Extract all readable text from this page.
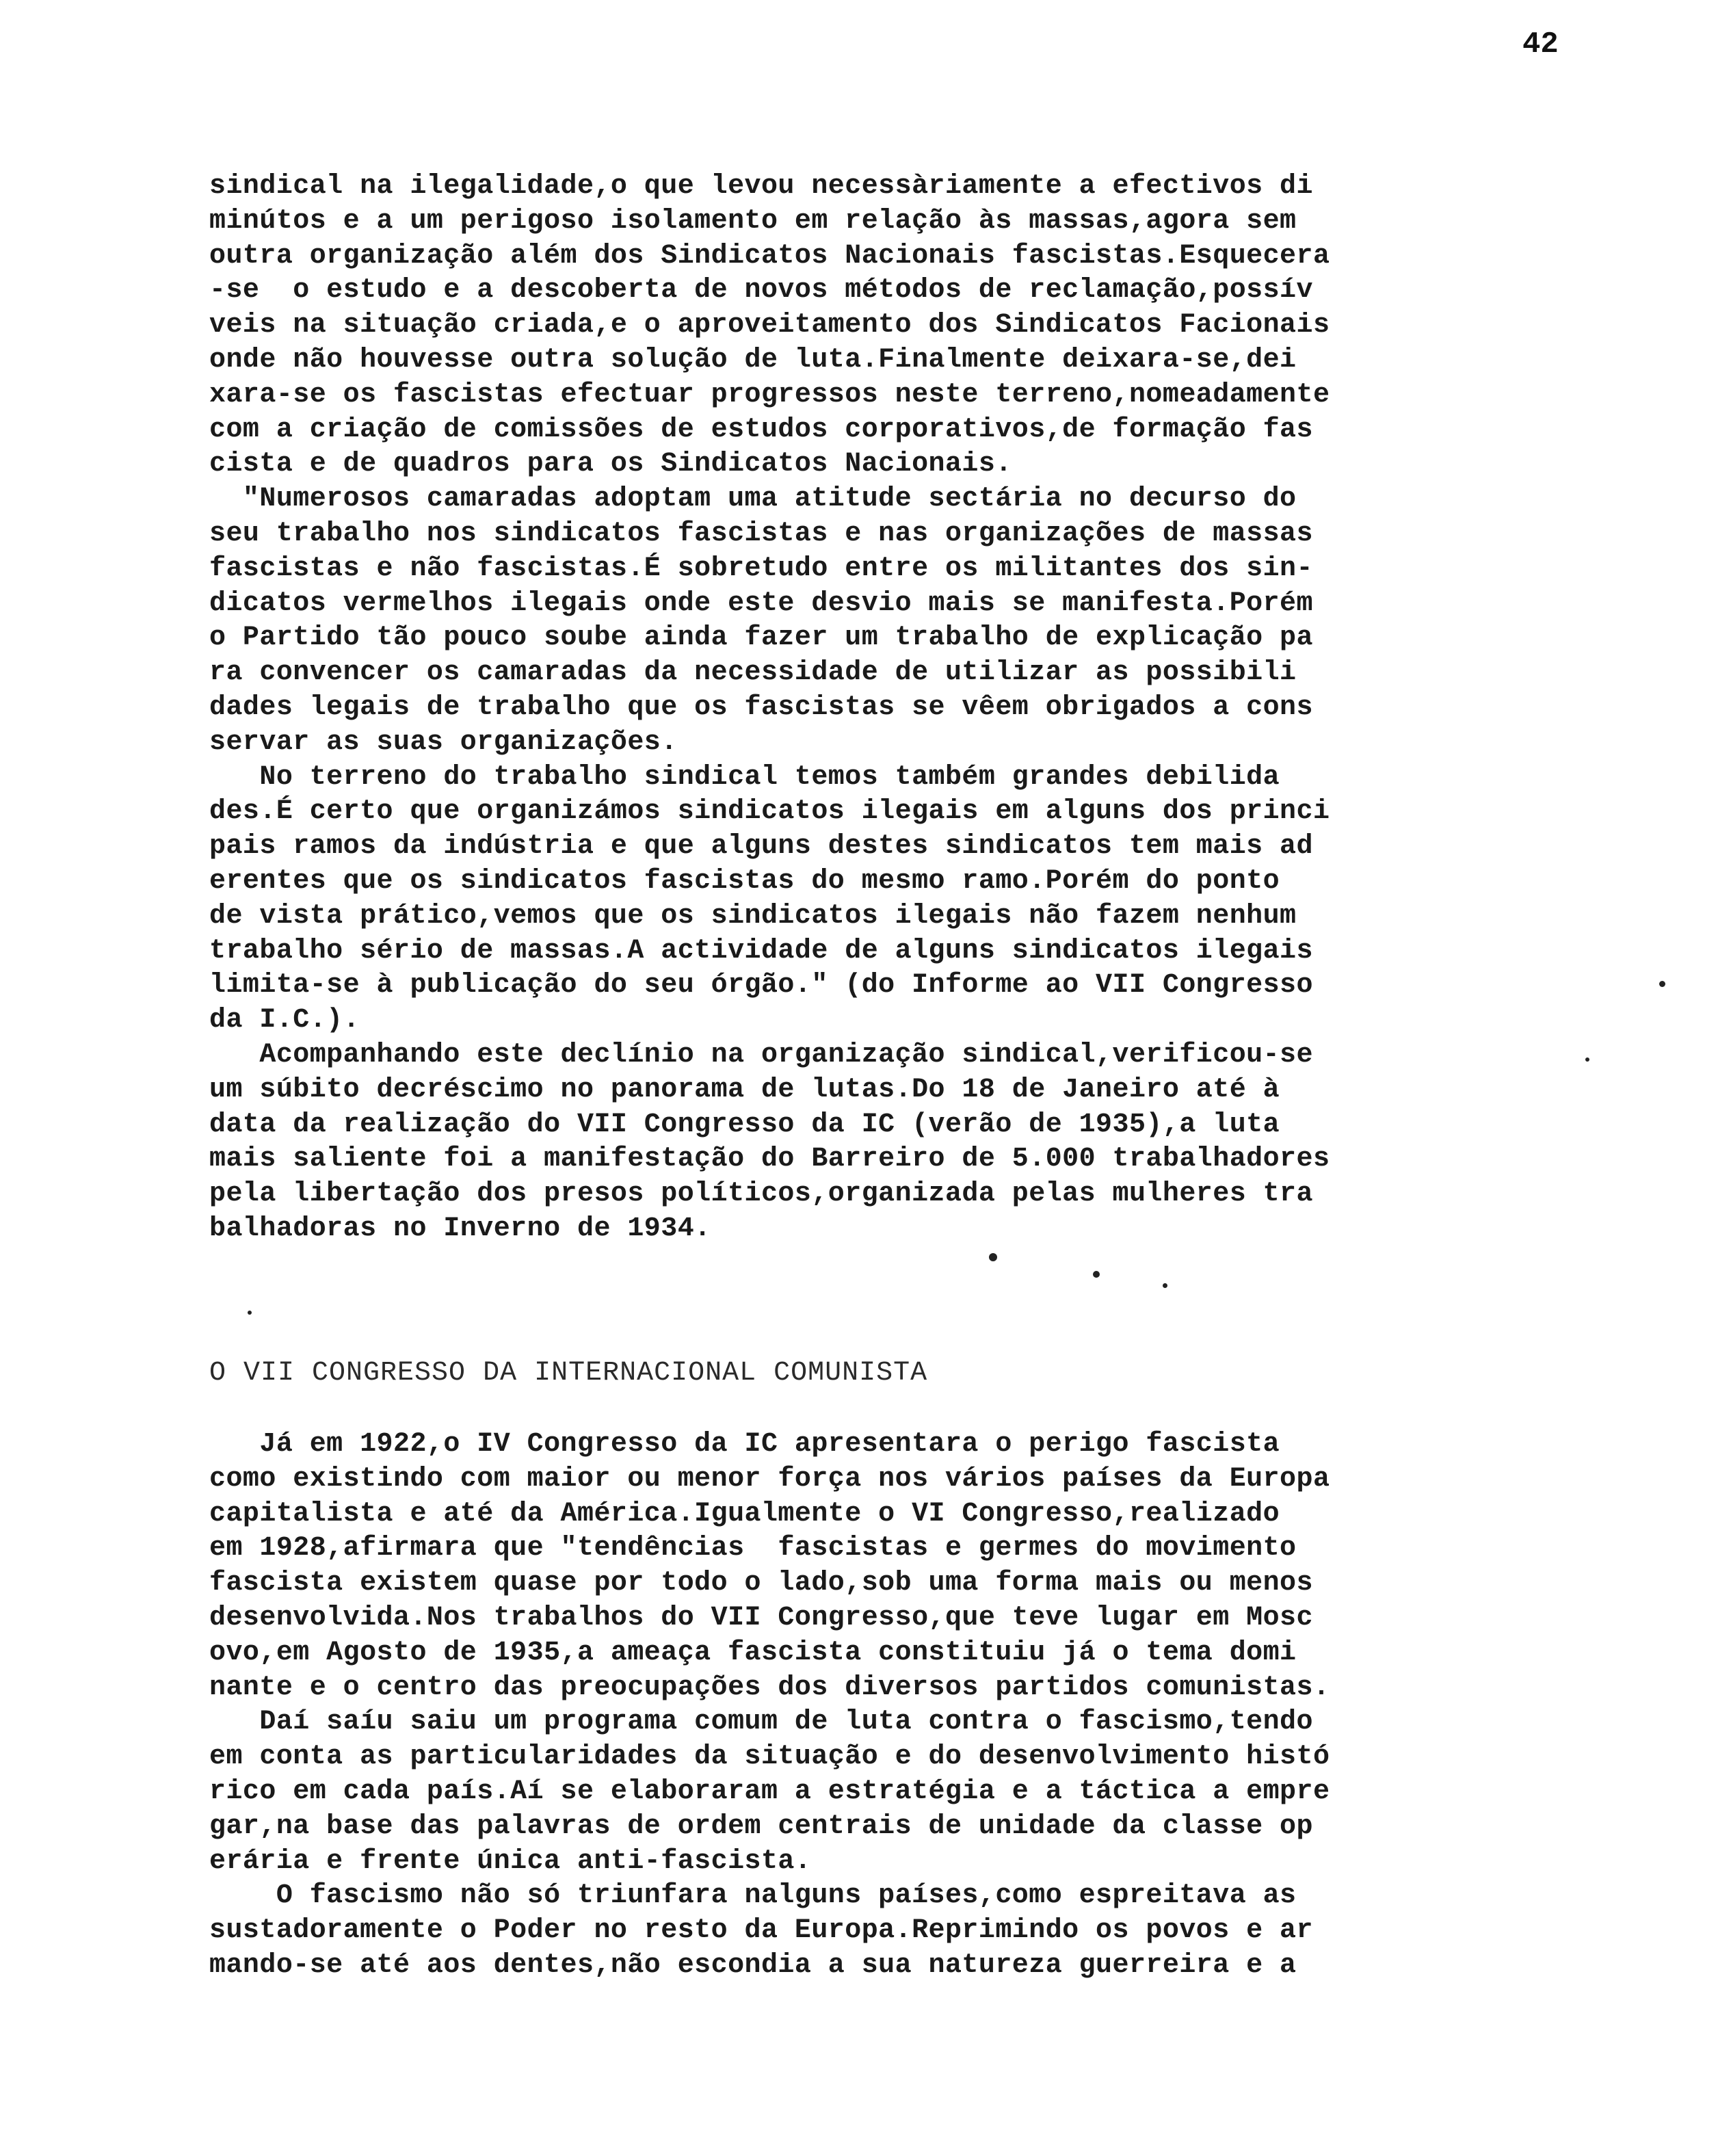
42
sindical na ilegalidade,o que levou necessàriamente a efectivos di
minútos e a um perigoso isolamento em relação às massas,agora sem
outra organização além dos Sindicatos Nacionais fascistas.Esquecera
-se  o estudo e a descoberta de novos métodos de reclamação,possív
veis na situação criada,e o aproveitamento dos Sindicatos Facionais
onde não houvesse outra solução de luta.Finalmente deixara-se,dei
xara-se os fascistas efectuar progressos neste terreno,nomeadamente
com a criação de comissões de estudos corporativos,de formação fas
cista e de quadros para os Sindicatos Nacionais.
"Numerosos camaradas adoptam uma atitude sectária no decurso do
seu trabalho nos sindicatos fascistas e nas organizações de massas
fascistas e não fascistas.É sobretudo entre os militantes dos sin-
dicatos vermelhos ilegais onde este desvio mais se manifesta.Porém
o Partido tão pouco soube ainda fazer um trabalho de explicação pa
ra convencer os camaradas da necessidade de utilizar as possibili
dades legais de trabalho que os fascistas se vêem obrigados a cons
servar as suas organizações.
No terreno do trabalho sindical temos também grandes debilida
des.É certo que organizámos sindicatos ilegais em alguns dos princi
pais ramos da indústria e que alguns destes sindicatos tem mais ad
erentes que os sindicatos fascistas do mesmo ramo.Porém do ponto
de vista prático,vemos que os sindicatos ilegais não fazem nenhum
trabalho sério de massas.A actividade de alguns sindicatos ilegais
limita-se à publicação do seu órgão." (do Informe ao VII Congresso
da I.C.).
Acompanhando este declínio na organização sindical,verificou-se
um súbito decréscimo no panorama de lutas.Do 18 de Janeiro até à
data da realização do VII Congresso da IC (verão de 1935),a luta
mais saliente foi a manifestação do Barreiro de 5.000 trabalhadores
pela libertação dos presos políticos,organizada pelas mulheres tra
balhadoras no Inverno de 1934.
O VII CONGRESSO DA INTERNACIONAL COMUNISTA
Já em 1922,o IV Congresso da IC apresentara o perigo fascista
como existindo com maior ou menor força nos vários países da Europa
capitalista e até da América.Igualmente o VI Congresso,realizado
em 1928,afirmara que "tendências  fascistas e germes do movimento
fascista existem quase por todo o lado,sob uma forma mais ou menos
desenvolvida.Nos trabalhos do VII Congresso,que teve lugar em Mosc
ovo,em Agosto de 1935,a ameaça fascista constituiu já o tema domi
nante e o centro das preocupações dos diversos partidos comunistas.
Daí saíu saiu um programa comum de luta contra o fascismo,tendo
em conta as particularidades da situação e do desenvolvimento histó
rico em cada país.Aí se elaboraram a estratégia e a táctica a empre
gar,na base das palavras de ordem centrais de unidade da classe op
erária e frente única anti-fascista.
O fascismo não só triunfara nalguns países,como espreitava as
sustadoramente o Poder no resto da Europa.Reprimindo os povos e ar
mando-se até aos dentes,não escondia a sua natureza guerreira e a
